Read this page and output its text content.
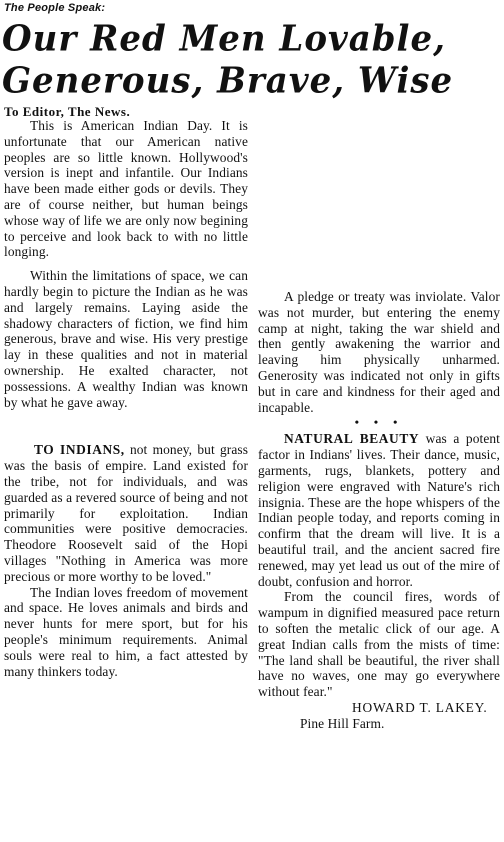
The People Speak:
Our Red Men Lovable,
Generous, Brave, Wise
To Editor, The News.

This is American Indian Day. It is unfortunate that our American native peoples are so little known. Hollywood's version is inept and infantile. Our Indians have been made either gods or devils. They are of course neither, but human beings whose way of life we are only now begining to perceive and look back to with no little longing.

Within the limitations of space, we can hardly begin to picture the Indian as he was and largely remains. Laying aside the shadowy characters of fiction, we find him generous, brave and wise. His very prestige lay in these qualities and not in material ownership. He exalted character, not possessions. A wealthy Indian was known by what he gave away.

TO INDIANS, not money, but grass was the basis of empire. Land existed for the tribe, not for individuals, and was guarded as a revered source of being and not primarily for exploitation. Indian communities were positive democracies. Theodore Roosevelt said of the Hopi villages "Nothing in America was more precious or more worthy to be loved."

The Indian loves freedom of movement and space. He loves animals and birds and never hunts for mere sport, but for his people's minimum requirements. Animal souls were real to him, a fact attested by many thinkers today.

A pledge or treaty was inviolate. Valor was not murder, but entering the enemy camp at night, taking the war shield and then gently awakening the warrior and leaving him physically unharmed. Generosity was indicated not only in gifts but in care and kindness for their aged and incapable.

• • •

NATURAL BEAUTY was a potent factor in Indians' lives. Their dance, music, garments, rugs, blankets, pottery and religion were engraved with Nature's rich insignia. These are the hope whispers of the Indian people today, and reports coming in confirm that the dream will live. It is a beautiful trail, and the ancient sacred fire renewed, may yet lead us out of the mire of doubt, confusion and horror.

From the council fires, words of wampum in dignified measured pace return to soften the metalic click of our age. A great Indian calls from the mists of time: "The land shall be beautiful, the river shall have no waves, one may go everywhere without fear."

HOWARD T. LAKEY.

Pine Hill Farm.
